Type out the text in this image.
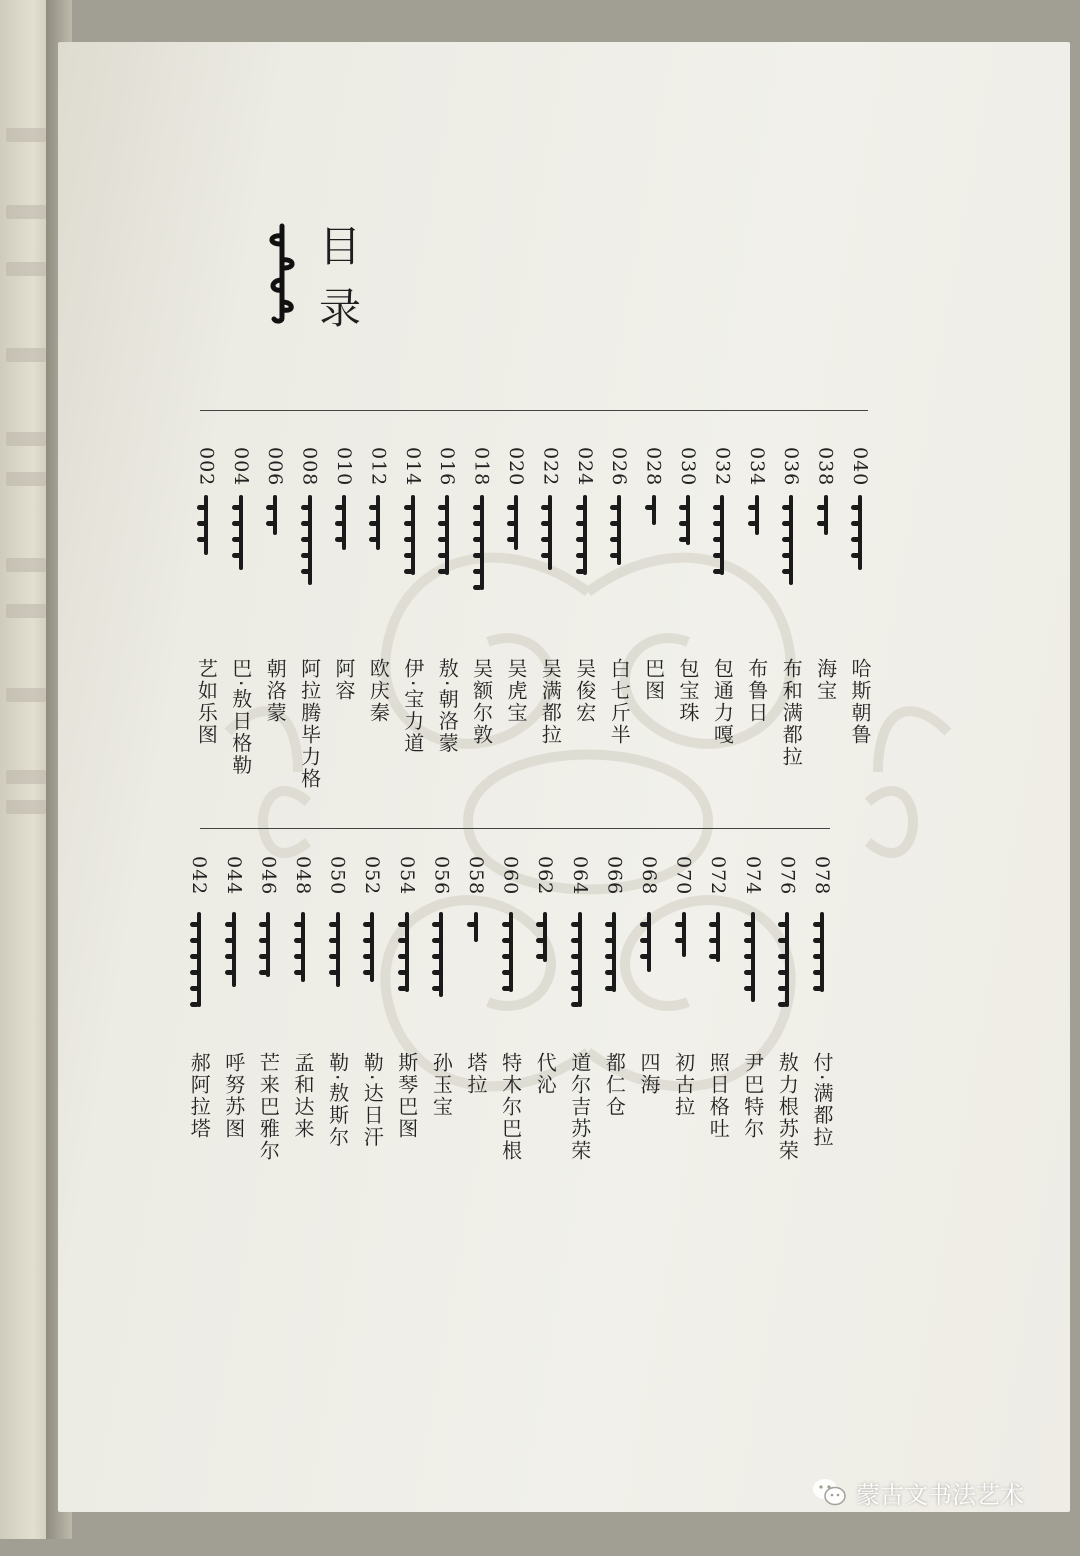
目
录
040
哈斯朝鲁
038
海宝
036
布和满都拉
034
布鲁日
032
包通力嘎
030
包宝珠
028
巴图
026
白七斤半
024
吴俊宏
022
吴满都拉
020
吴虎宝
018
吴额尔敦
016
敖·朝洛蒙
014
伊·宝力道
012
欧庆秦
010
阿容
008
阿拉腾毕力格
006
朝洛蒙
004
巴·敖日格勒
002
艺如乐图
078
付·满都拉
076
敖力根苏荣
074
尹巴特尔
072
照日格吐
070
初古拉
068
四海
066
都仁仓
064
道尔吉苏荣
062
代沁
060
特木尔巴根
058
塔拉
056
孙玉宝
054
斯琴巴图
052
勒·达日汗
050
勒·敖斯尔
048
孟和达来
046
芒来巴雅尔
044
呼努苏图
042
郝阿拉塔
蒙古文书法艺术
